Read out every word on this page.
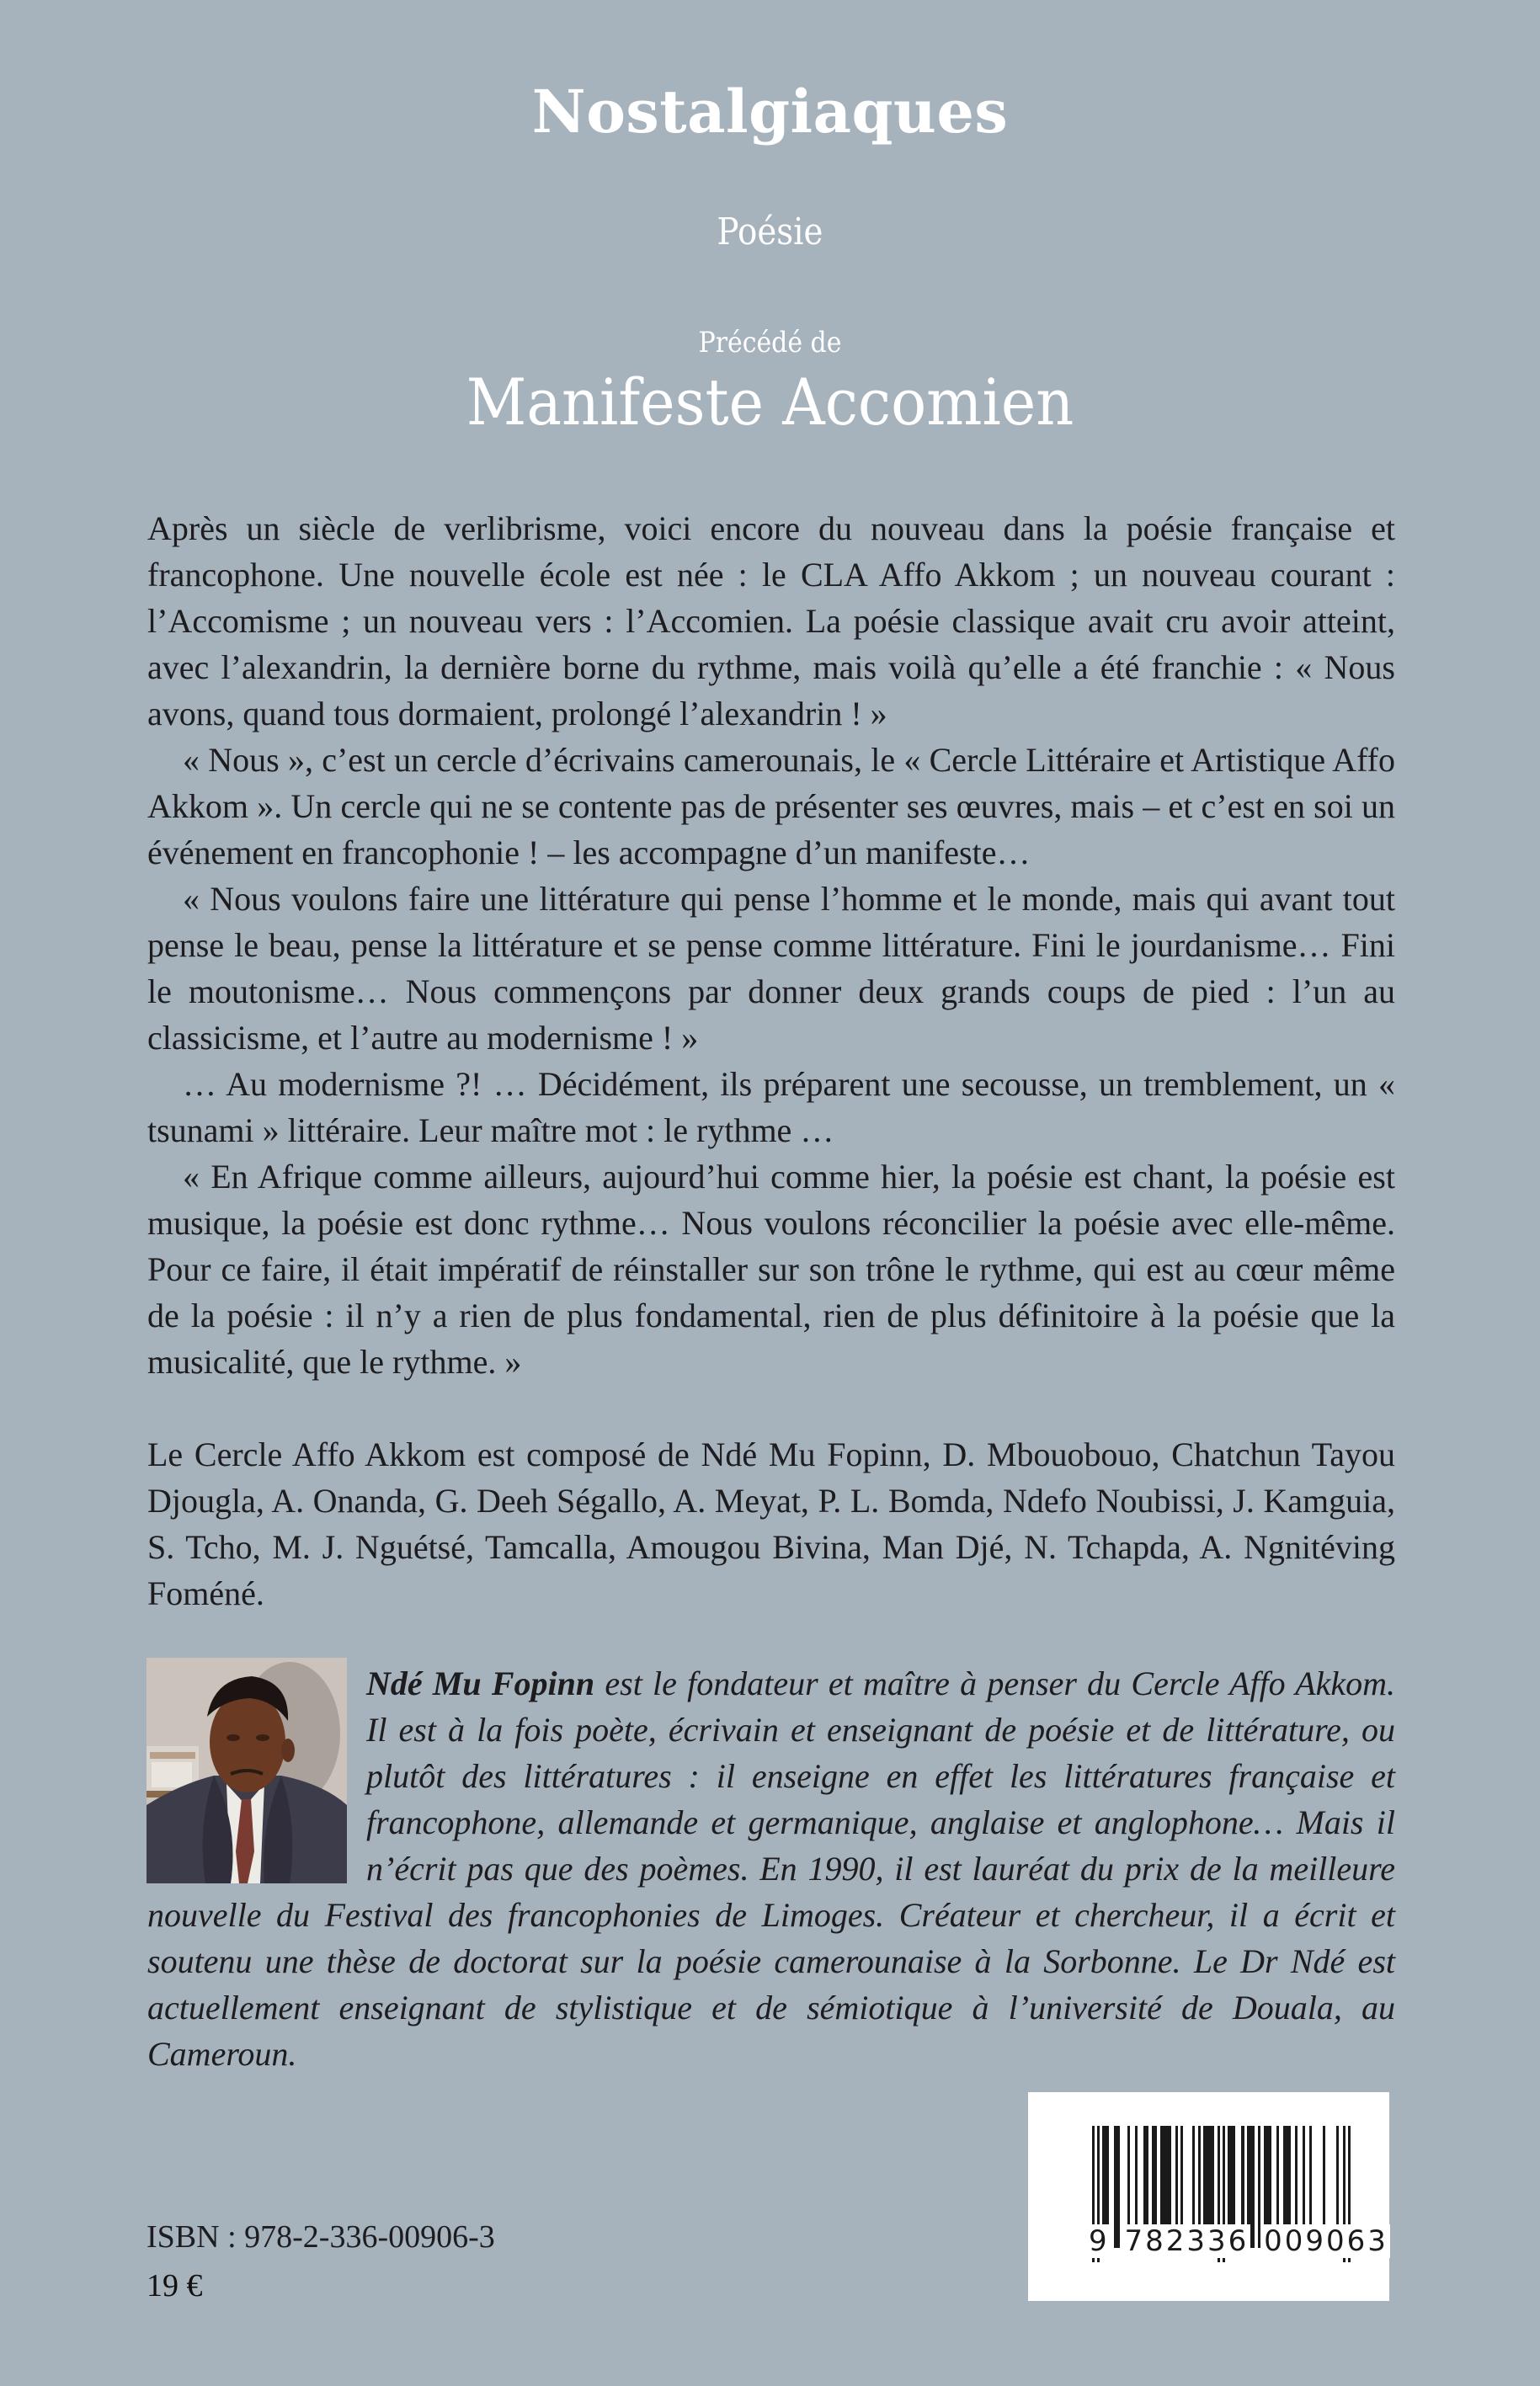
Nostalgiaques
Poésie
Précédé de
Manifeste Accomien

Après un siècle de verlibrisme, voici encore du nouveau dans la poésie française et francophone. Une nouvelle école est née : le CLA Affo Akkom ; un nouveau courant : l’Accomisme ; un nouveau vers : l’Accomien. La poésie classique avait cru avoir atteint, avec l’alexandrin, la dernière borne du rythme, mais voilà qu’elle a été franchie : « Nous avons, quand tous dormaient, prolongé l’alexandrin ! »

« Nous », c’est un cercle d’écrivains camerounais, le « Cercle Littéraire et Artistique Affo Akkom ». Un cercle qui ne se contente pas de présenter ses œuvres, mais – et c’est en soi un événement en francophonie ! – les accompagne d’un manifeste…

« Nous voulons faire une littérature qui pense l’homme et le monde, mais qui avant tout pense le beau, pense la littérature et se pense comme littérature. Fini le jourdanisme… Fini le moutonisme… Nous commençons par donner deux grands coups de pied : l’un au classicisme, et l’autre au modernisme ! »

… Au modernisme ?! … Décidément, ils préparent une secousse, un tremblement, un « tsunami » littéraire. Leur maître mot : le rythme …

« En Afrique comme ailleurs, aujourd’hui comme hier, la poésie est chant, la poésie est musique, la poésie est donc rythme… Nous voulons réconcilier la poésie avec elle-même. Pour ce faire, il était impératif de réinstaller sur son trône le rythme, qui est au cœur même de la poésie : il n’y a rien de plus fondamental, rien de plus définitoire à la poésie que la musicalité, que le rythme. »

Le Cercle Affo Akkom est composé de Ndé Mu Fopinn, D. Mbouobouo, Chatchun Tayou Djougla, A. Onanda, G. Deeh Ségallo, A. Meyat, P. L. Bomda, Ndefo Noubissi, J. Kamguia, S. Tcho, M. J. Nguétsé, Tamcalla, Amougou Bivina, Man Djé, N. Tchapda, A. Ngnitéving Foméné.

Ndé Mu Fopinn est le fondateur et maître à penser du Cercle Affo Akkom. Il est à la fois poète, écrivain et enseignant de poésie et de littérature, ou plutôt des littératures : il enseigne en effet les littératures française et francophone, allemande et germanique, anglaise et anglophone… Mais il n’écrit pas que des poèmes. En 1990, il est lauréat du prix de la meilleure nouvelle du Festival des francophonies de Limoges. Créateur et chercheur, il a écrit et soutenu une thèse de doctorat sur la poésie camerounaise à la Sorbonne. Le Dr Ndé est actuellement enseignant de stylistique et de sémiotique à l’université de Douala, au Cameroun.
ISBN : 978-2-336-00906-3
19 €
9 782336 009063
